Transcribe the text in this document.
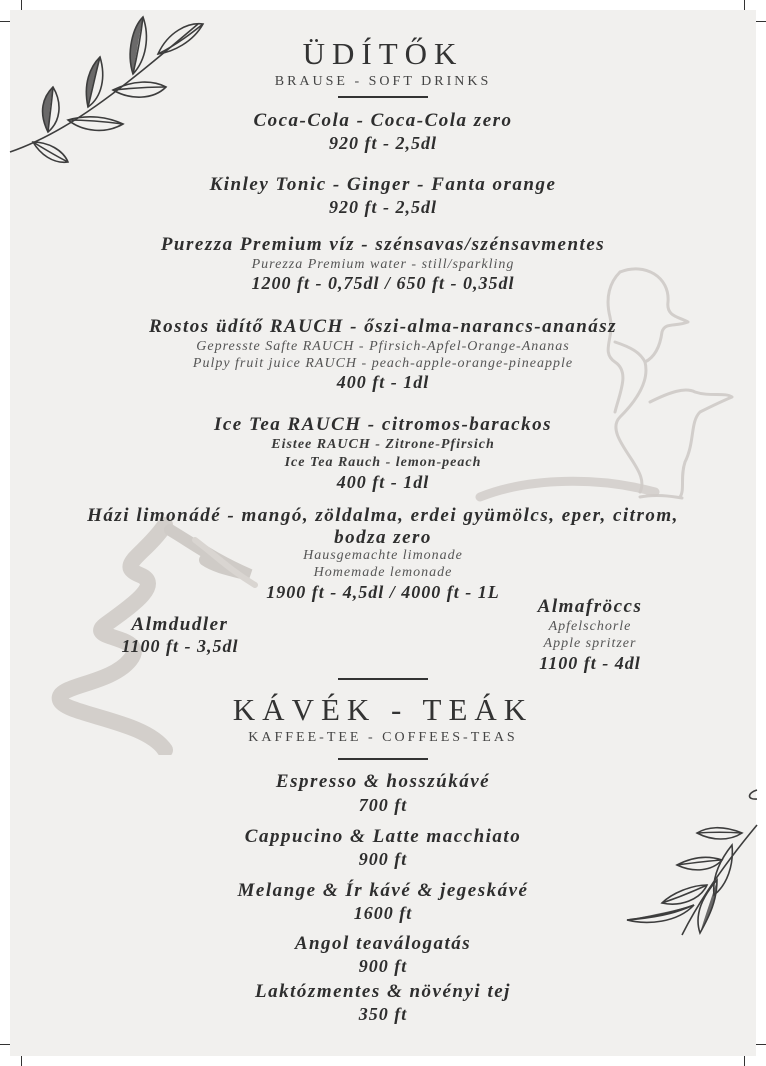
ÜDÍTŐK
BRAUSE - SOFT DRINKS
Coca-Cola - Coca-Cola zero
920 ft - 2,5dl
Kinley Tonic - Ginger - Fanta orange
920 ft - 2,5dl
Purezza Premium víz - szénsavas/szénsavmentes
Purezza Premium water - still/sparkling
1200 ft - 0,75dl / 650 ft - 0,35dl
Rostos üdítő RAUCH - őszi-alma-narancs-ananász
Gepresste Safte RAUCH - Pfirsich-Apfel-Orange-Ananas
Pulpy fruit juice RAUCH - peach-apple-orange-pineapple
400 ft - 1dl
Ice Tea RAUCH - citromos-barackos
Eistee RAUCH - Zitrone-Pfirsich
Ice Tea Rauch - lemon-peach
400 ft - 1dl
Házi limonádé - mangó, zöldalma, erdei gyümölcs, eper, citrom,
bodza zero
Hausgemachte limonade
Homemade lemonade
1900 ft - 4,5dl / 4000 ft - 1L
Almdudler
1100 ft - 3,5dl
Almafröccs
Apfelschorle
Apple spritzer
1100 ft - 4dl
KÁVÉK - TEÁK
KAFFEE-TEE - COFFEES-TEAS
Espresso & hosszúkávé
700 ft
Cappucino & Latte macchiato
900 ft
Melange & Ír kávé & jegeskávé
1600 ft
Angol teaválogatás
900 ft
Laktózmentes & növényi tej
350 ft
